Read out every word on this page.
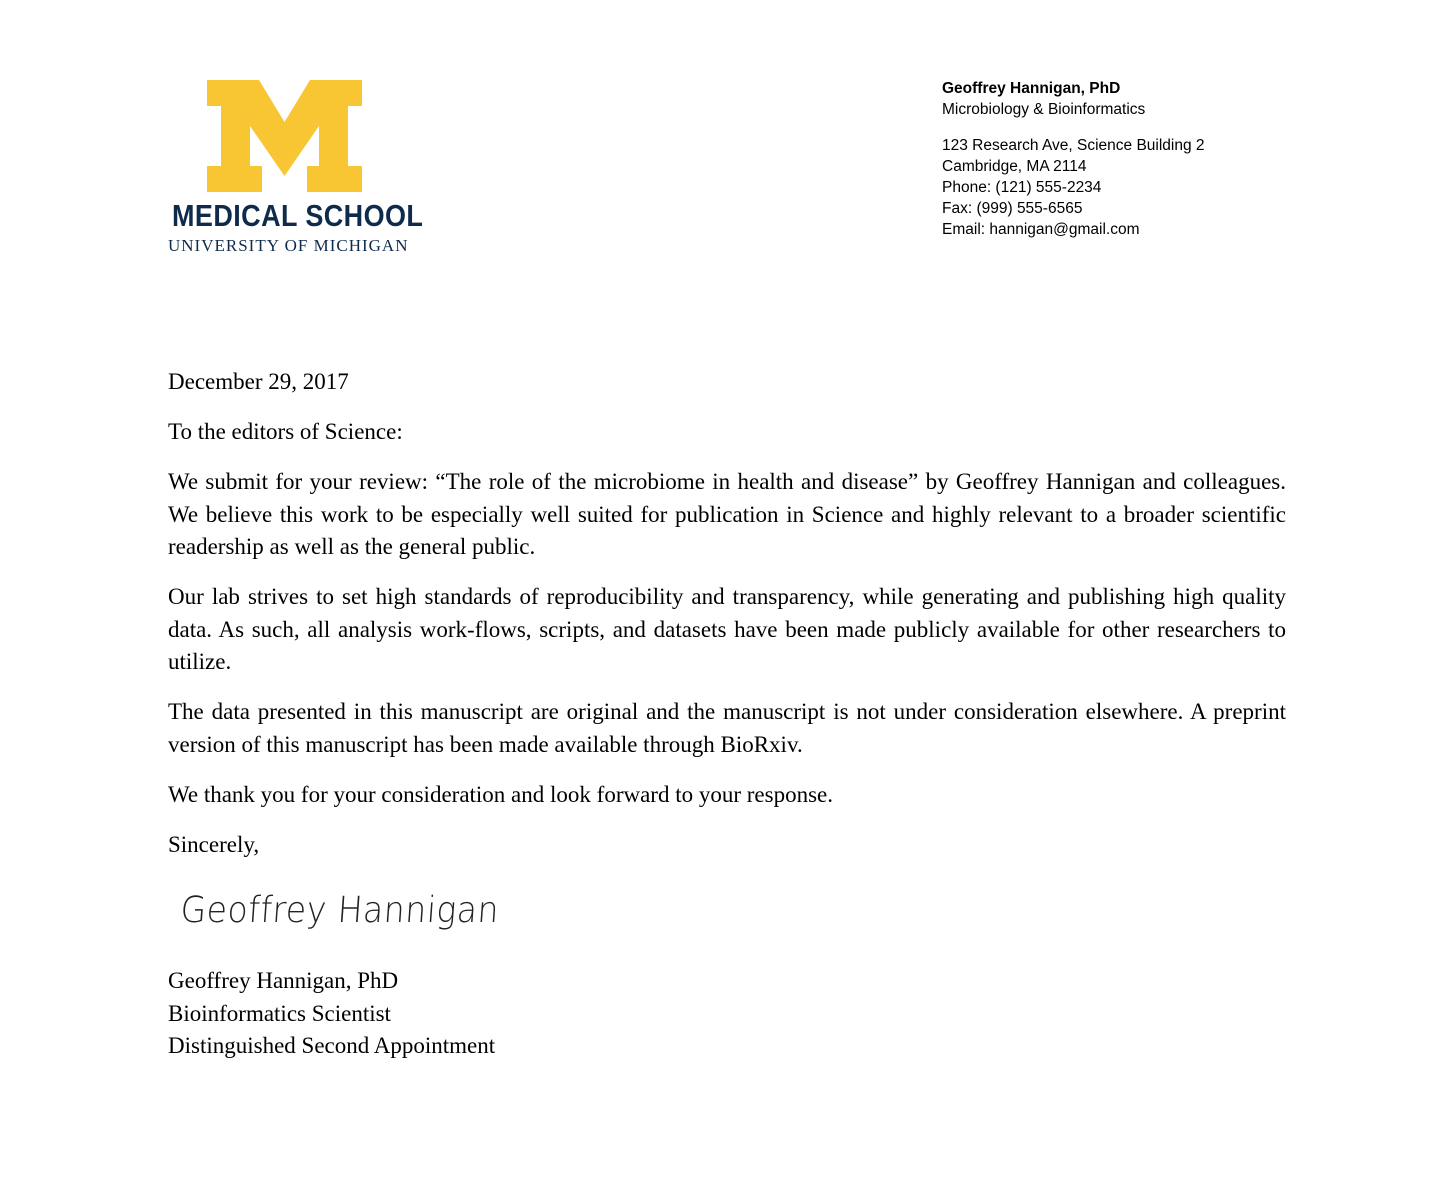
MEDICAL SCHOOL
UNIVERSITY OF MICHIGAN
Geoffrey Hannigan, PhD
Microbiology & Bioinformatics
123 Research Ave, Science Building 2
Cambridge, MA 2114
Phone: (121) 555-2234
Fax: (999) 555-6565
Email: hannigan@gmail.com

December 29, 2017

To the editors of Science:

We submit for your review: “The role of the microbiome in health and disease” by Geoffrey Hannigan and colleagues. We believe this work to be especially well suited for publication in Science and highly relevant to a broader scientific readership as well as the general public.

Our lab strives to set high standards of reproducibility and transparency, while generating and publishing high quality data. As such, all analysis work-flows, scripts, and datasets have been made publicly available for other researchers to utilize.

The data presented in this manuscript are original and the manuscript is not under consideration elsewhere. A preprint version of this manuscript has been made available through BioRxiv.

We thank you for your consideration and look forward to your response.

Sincerely,

Geoffrey Hannigan
Geoffrey Hannigan, PhD
Bioinformatics Scientist
Distinguished Second Appointment
